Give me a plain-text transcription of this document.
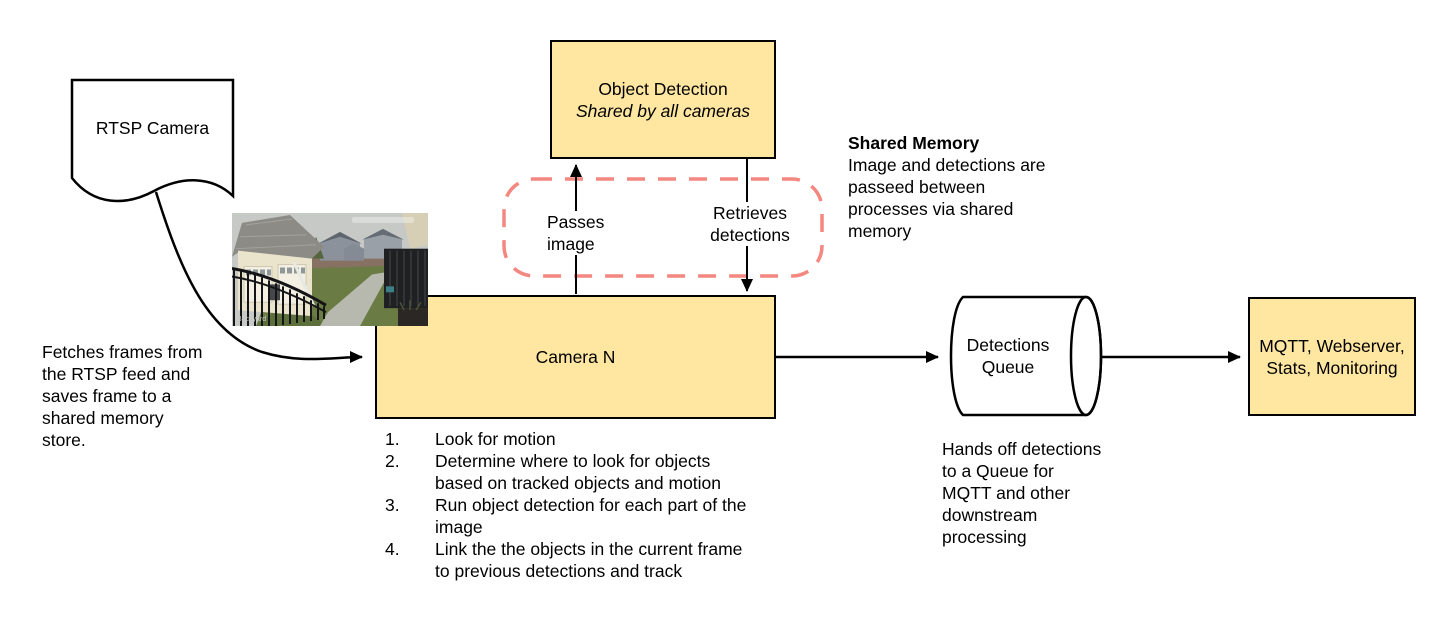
RTSP Camera
Object Detection
Shared by all cameras
Camera N
MQTT, Webserver,
Stats, Monitoring
Detections
Queue
Passes
image
Retrieves
detections
Shared Memory
Image and detections are
passeed between
processes via shared
memory
Fetches frames from
the RTSP feed and
saves frame to a
shared memory
store.	Hands off detections
to a Queue for
MQTT and other
downstream
processing
1.	Look for motion
2.	Determine where to look for objects
based on tracked objects and motion
3.	Run object detection for each part of the
image
4.	Link the the objects in the current frame
to previous detections and track
Backyard
